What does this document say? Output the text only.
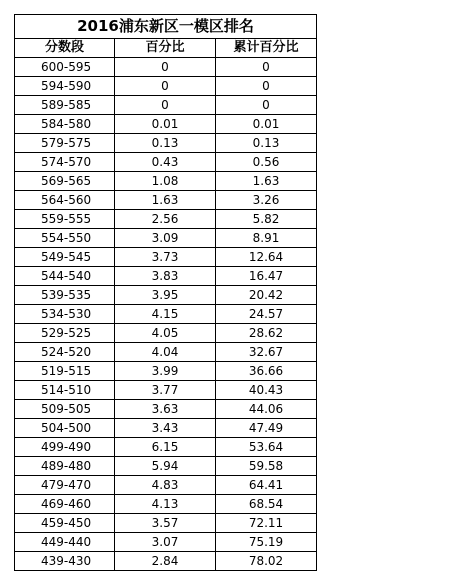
2016浦东新区一模区排名		
分数段	百分比	累计百分比
600-595	0	0
594-590	0	0
589-585	0	0
584-580	0.01	0.01
579-575	0.13	0.13
574-570	0.43	0.56
569-565	1.08	1.63
564-560	1.63	3.26
559-555	2.56	5.82
554-550	3.09	8.91
549-545	3.73	12.64
544-540	3.83	16.47
539-535	3.95	20.42
534-530	4.15	24.57
529-525	4.05	28.62
524-520	4.04	32.67
519-515	3.99	36.66
514-510	3.77	40.43
509-505	3.63	44.06
504-500	3.43	47.49
499-490	6.15	53.64
489-480	5.94	59.58
479-470	4.83	64.41
469-460	4.13	68.54
459-450	3.57	72.11
449-440	3.07	75.19
439-430	2.84	78.02
